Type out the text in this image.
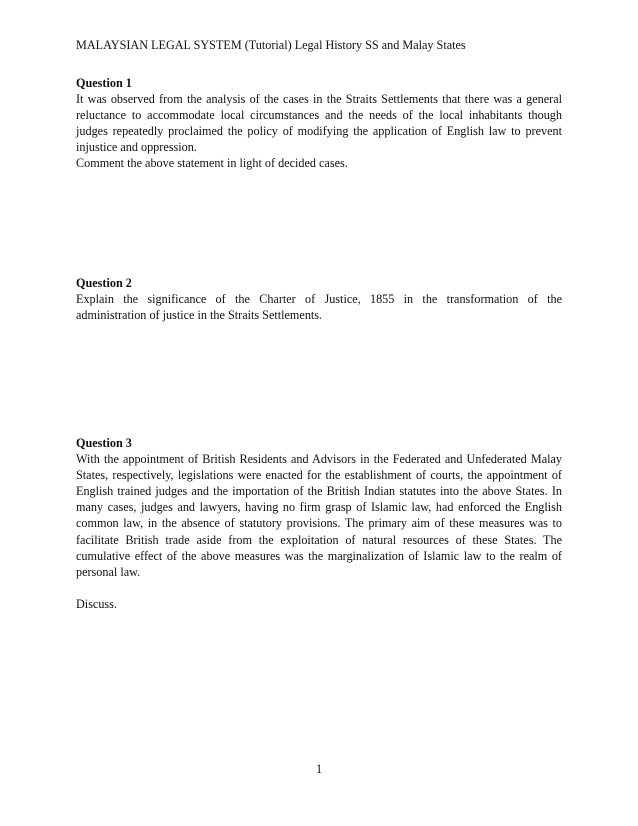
MALAYSIAN LEGAL SYSTEM (Tutorial) Legal History SS and Malay States
Question 1
It was observed from the analysis of the cases in the Straits Settlements that there was a general
reluctance to accommodate local circumstances and the needs of the local inhabitants though
judges repeatedly proclaimed the policy of modifying the application of English law to prevent
injustice and oppression.
Comment the above statement in light of decided cases.
Question 2
Explain the significance of the Charter of Justice, 1855 in the transformation of the
administration of justice in the Straits Settlements.
Question 3
With the appointment of British Residents and Advisors in the Federated and Unfederated Malay
States, respectively, legislations were enacted for the establishment of courts, the appointment of
English trained judges and the importation of the British Indian statutes into the above States. In
many cases, judges and lawyers, having no firm grasp of Islamic law, had enforced the English
common law, in the absence of statutory provisions. The primary aim of these measures was to
facilitate British trade aside from the exploitation of natural resources of these States. The
cumulative effect of the above measures was the marginalization of Islamic law to the realm of
personal law.
Discuss.
1
